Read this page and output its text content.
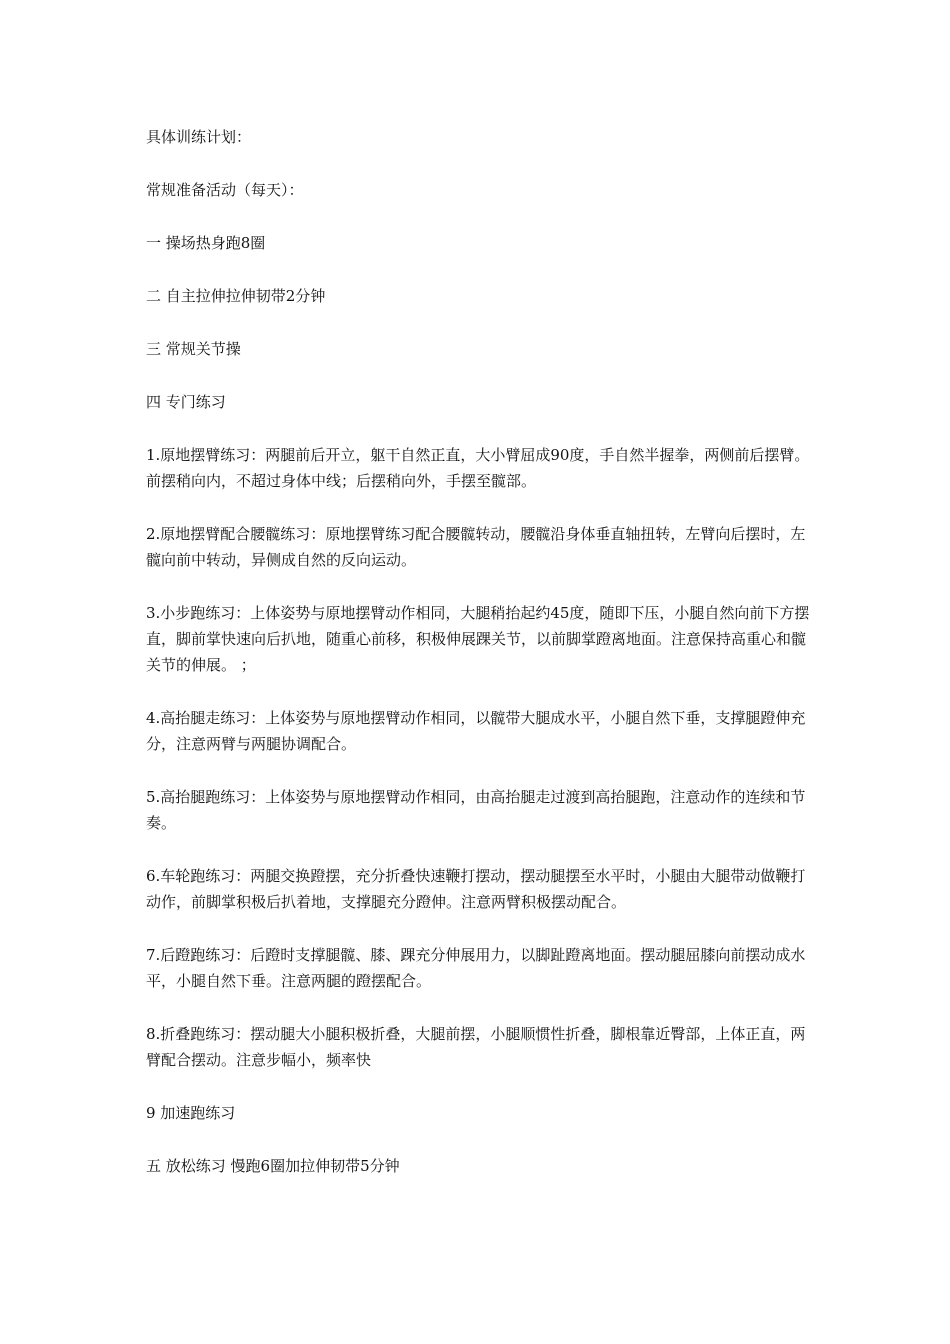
具体训练计划：

常规准备活动（每天）：

一 操场热身跑8圈

二 自主拉伸拉伸韧带2分钟

三 常规关节操

四 专门练习

1.原地摆臂练习：两腿前后开立，躯干自然正直，大小臂屈成90度，手自然半握拳，两侧前后摆臂。前摆稍向内，不超过身体中线；后摆稍向外，手摆至髋部。

2.原地摆臂配合腰髋练习：原地摆臂练习配合腰髋转动，腰髋沿身体垂直轴扭转，左臂向后摆时，左髋向前中转动，异侧成自然的反向运动。

3.小步跑练习：上体姿势与原地摆臂动作相同，大腿稍抬起约45度，随即下压，小腿自然向前下方摆直，脚前掌快速向后扒地，随重心前移，积极伸展踝关节，以前脚掌蹬离地面。注意保持高重心和髋关节的伸展。 ；

4.高抬腿走练习：上体姿势与原地摆臂动作相同，以髋带大腿成水平，小腿自然下垂，支撑腿蹬伸充分，注意两臂与两腿协调配合。

5.高抬腿跑练习：上体姿势与原地摆臂动作相同，由高抬腿走过渡到高抬腿跑，注意动作的连续和节奏。

6.车轮跑练习：两腿交换蹬摆，充分折叠快速鞭打摆动，摆动腿摆至水平时，小腿由大腿带动做鞭打动作，前脚掌积极后扒着地，支撑腿充分蹬伸。注意两臂积极摆动配合。

7.后蹬跑练习：后蹬时支撑腿髋、膝、踝充分伸展用力，以脚趾蹬离地面。摆动腿屈膝向前摆动成水平，小腿自然下垂。注意两腿的蹬摆配合。

8.折叠跑练习：摆动腿大小腿积极折叠，大腿前摆，小腿顺惯性折叠，脚根靠近臀部，上体正直，两臂配合摆动。注意步幅小，频率快

9 加速跑练习

五 放松练习 慢跑6圈加拉伸韧带5分钟
